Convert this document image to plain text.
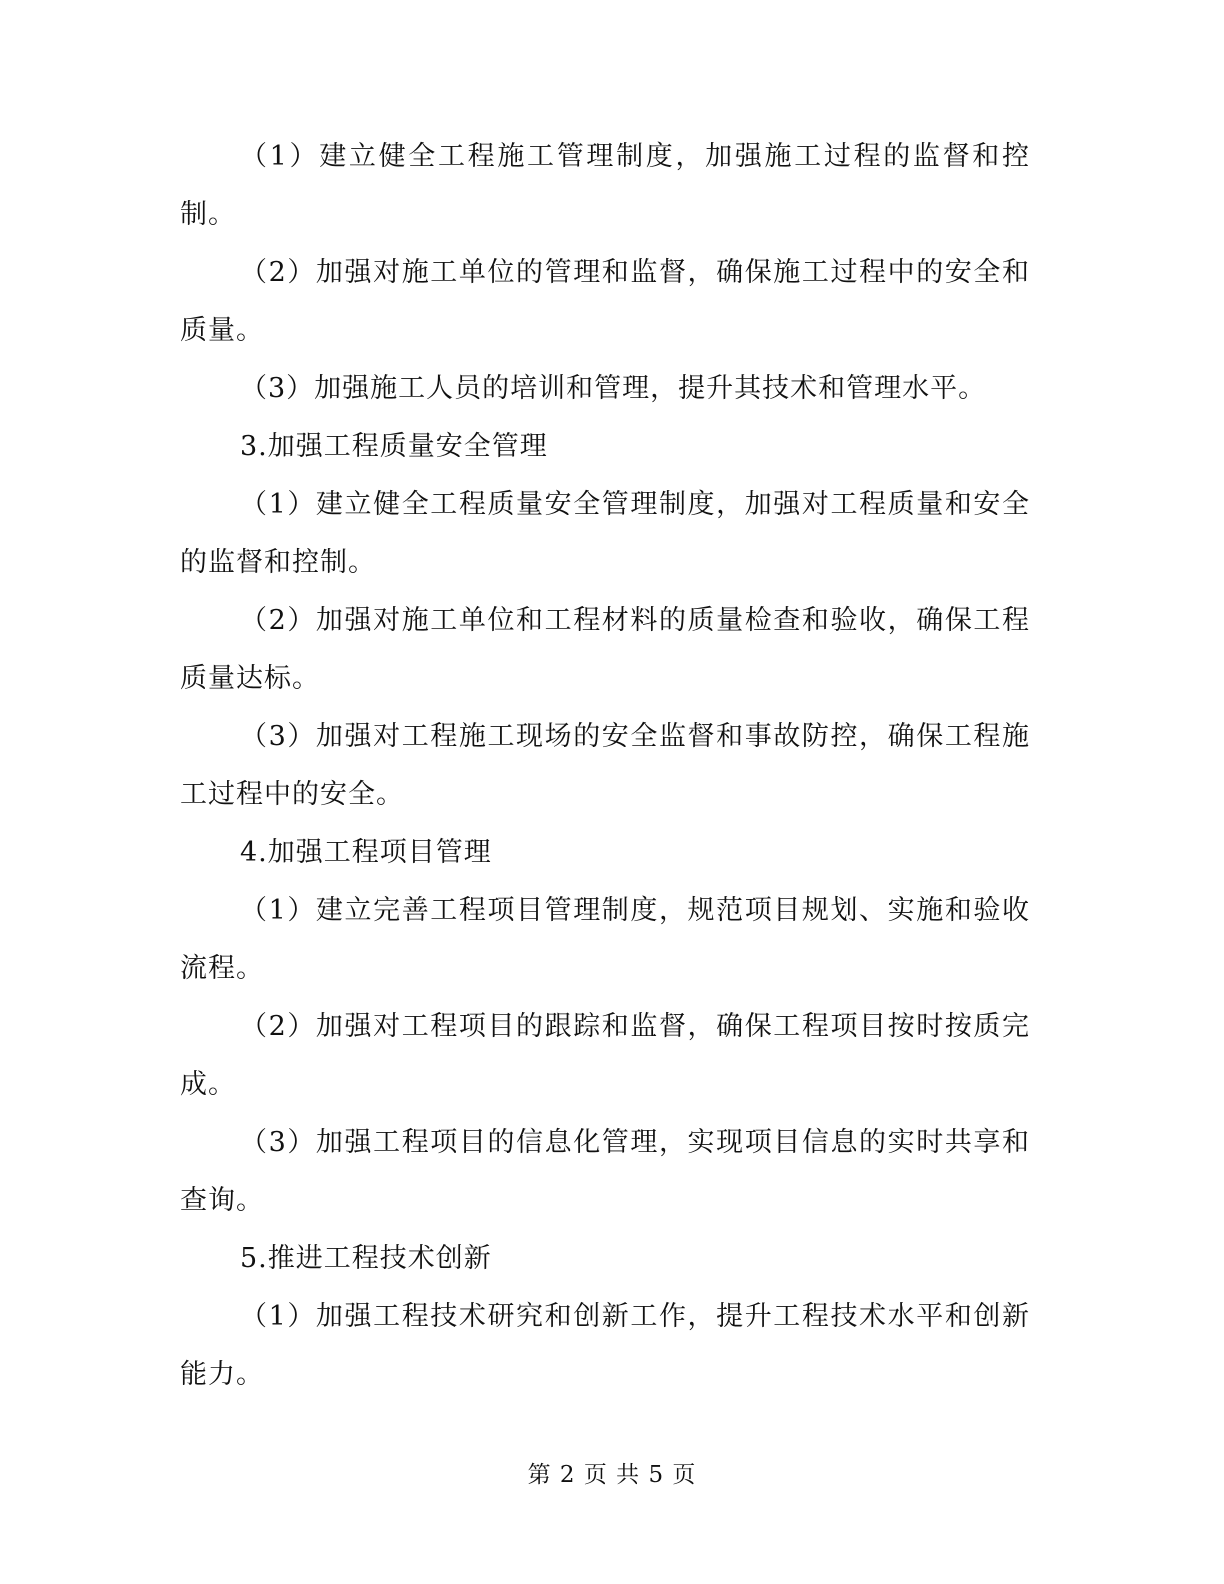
（1）建立健全工程施工管理制度，加强施工过程的监督和控制。

（2）加强对施工单位的管理和监督，确保施工过程中的安全和质量。

（3）加强施工人员的培训和管理，提升其技术和管理水平。

3.加强工程质量安全管理

（1）建立健全工程质量安全管理制度，加强对工程质量和安全的监督和控制。

（2）加强对施工单位和工程材料的质量检查和验收，确保工程质量达标。

（3）加强对工程施工现场的安全监督和事故防控，确保工程施工过程中的安全。

4.加强工程项目管理

（1）建立完善工程项目管理制度，规范项目规划、实施和验收流程。

（2）加强对工程项目的跟踪和监督，确保工程项目按时按质完成。

（3）加强工程项目的信息化管理，实现项目信息的实时共享和查询。

5.推进工程技术创新

（1）加强工程技术研究和创新工作，提升工程技术水平和创新能力。

第 2 页 共 5 页
